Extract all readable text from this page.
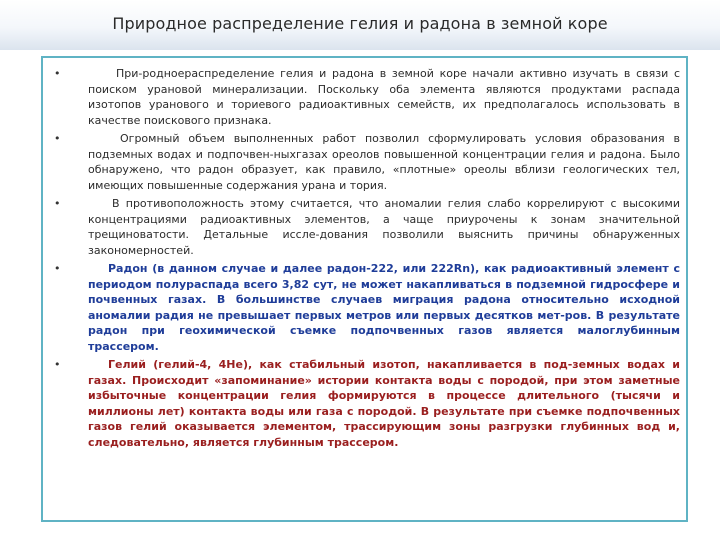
Природное распределение гелия и радона в земной коре
•	При-родноераспределение гелия и радона в земной коре начали активно изучать в связи с поиском урановой минерализации. Поскольку оба элемента являются продуктами распада изотопов уранового и ториевого радиоактивных семейств, их предполагалось использовать в качестве поискового признака.
•	Огромный объем выполненных работ позволил сформулировать условия образования в подземных водах и подпочвен-ныхгазах ореолов повышенной концентрации гелия и радона. Было обнаружено, что радон образует, как правило, «плотные» ореолы вблизи геологических тел, имеющих повышенные содержания урана и тория.
•	В противоположность этому считается, что аномалии гелия слабо коррелируют с высокими концентрациями радиоактивных элементов, а чаще приурочены к зонам значительной трещиноватости. Детальные иссле-дования позволили выяснить причины обнаруженных закономерностей.
•	Радон (в данном случае и далее радон-222, или 222Rn), как радиоактивный элемент с периодом полураспада всего 3,82 сут, не может накапливаться в подземной гидросфере и почвенных газах. В большинстве случаев миграция радона относительно исходной аномалии радия не превышает первых метров или первых десятков мет-ров. В результате радон при геохимической съемке подпочвенных газов является малоглубинным трассером.
•	Гелий (гелий-4, 4He), как стабильный изотоп, накапливается в под-земных водах и газах. Происходит «запоминание» истории контакта воды с породой, при этом заметные избыточные концентрации гелия формируются в процессе длительного (тысячи и миллионы лет) контакта воды или газа с породой. В результате при съемке подпочвенных газов гелий оказывается элементом, трассирующим зоны разгрузки глубинных вод и, следовательно, является глубинным трассером.
